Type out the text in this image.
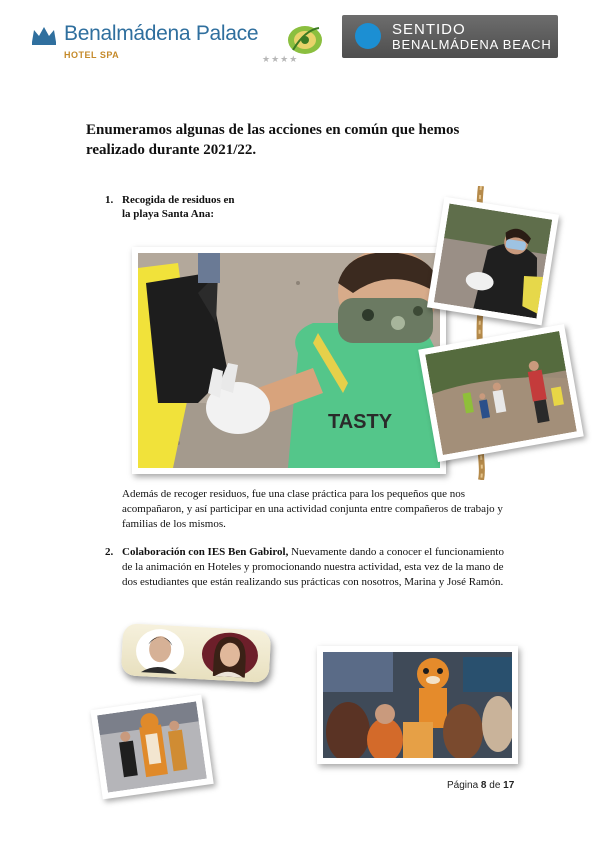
Benalmádena Palace
HOTEL SPA	★★★★
SENTIDO
BENALMÁDENA BEACH
Enumeramos algunas de las acciones en común que hemos realizado durante 2021/22.
1. Recogida de residuos en
la playa Santa Ana:
TASTY
Además de recoger residuos, fue una clase práctica para los pequeños que nos acompañaron, y así participar en una actividad conjunta entre compañeros de trabajo y familias de los mismos.
2. Colaboración con IES Ben Gabirol, Nuevamente dando a conocer el funcionamiento de la animación en Hoteles y promocionando nuestra actividad, esta vez de la mano de dos estudiantes que están realizando sus prácticas con nosotros, Marina y José Ramón.
Página 8 de 17
